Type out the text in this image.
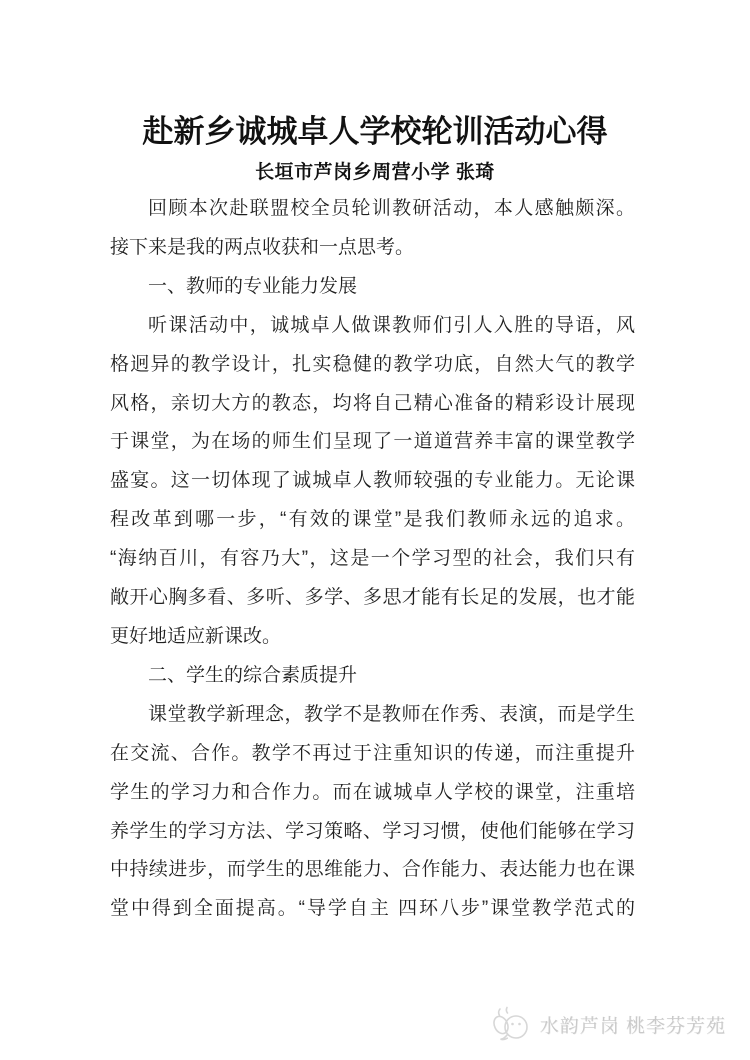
赴新乡诚城卓人学校轮训活动心得
长垣市芦岗乡周营小学 张琦
回顾本次赴联盟校全员轮训教研活动，本人感触颇深。
接下来是我的两点收获和一点思考。
一、教师的专业能力发展
听课活动中，诚城卓人做课教师们引人入胜的导语，风
格迥异的教学设计，扎实稳健的教学功底，自然大气的教学
风格，亲切大方的教态，均将自己精心准备的精彩设计展现
于课堂，为在场的师生们呈现了一道道营养丰富的课堂教学
盛宴。这一切体现了诚城卓人教师较强的专业能力。无论课
程改革到哪一步，“有效的课堂”是我们教师永远的追求。
“海纳百川，有容乃大”，这是一个学习型的社会，我们只有
敞开心胸多看、多听、多学、多思才能有长足的发展，也才能
更好地适应新课改。
二、学生的综合素质提升
课堂教学新理念，教学不是教师在作秀、表演，而是学生
在交流、合作。教学不再过于注重知识的传递，而注重提升
学生的学习力和合作力。而在诚城卓人学校的课堂，注重培
养学生的学习方法、学习策略、学习习惯，使他们能够在学习
中持续进步，而学生的思维能力、合作能力、表达能力也在课
堂中得到全面提高。“导学自主 四环八步”课堂教学范式的
水韵芦岗 桃李芬芳苑
